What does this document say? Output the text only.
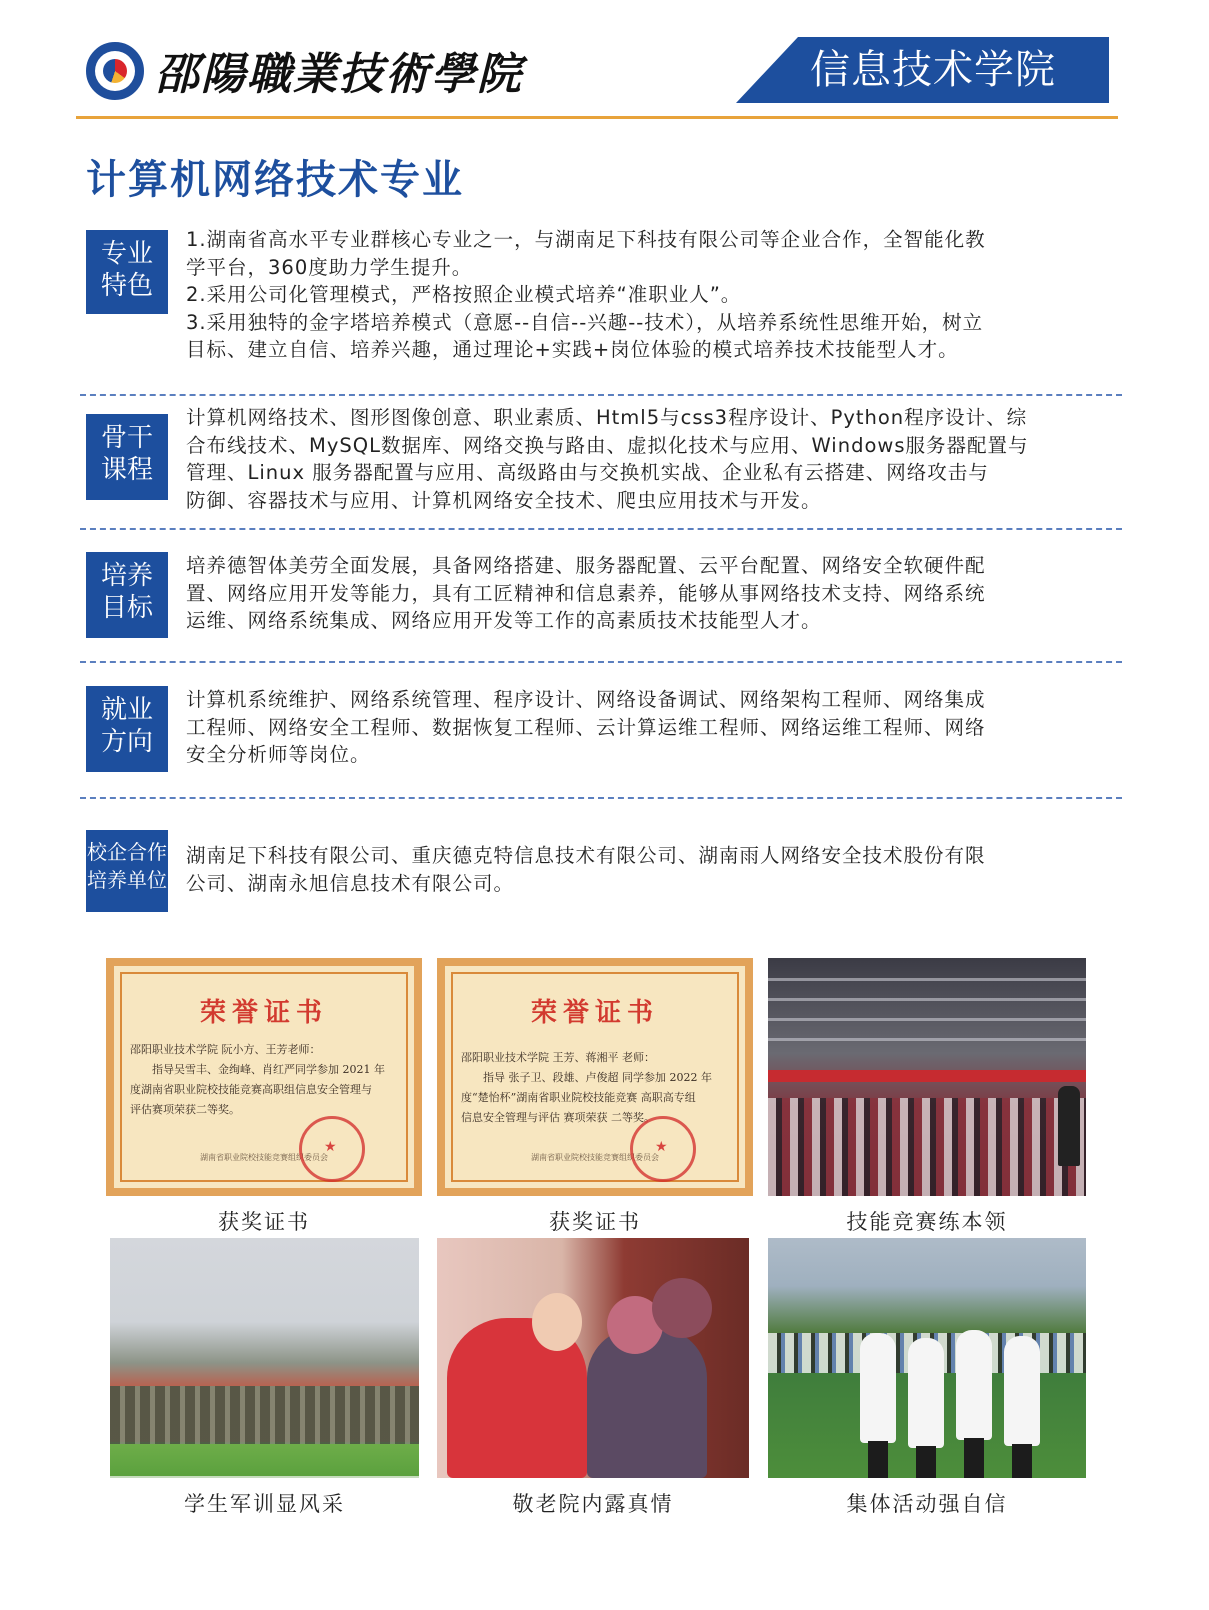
邵陽職業技術學院	信息技术学院
计算机网络技术专业
专业
特色

1.湖南省高水平专业群核心专业之一，与湖南足下科技有限公司等企业合作，全智能化教

学平台，360度助力学生提升。

2.采用公司化管理模式，严格按照企业模式培养“准职业人”。

3.采用独特的金字塔培养模式（意愿--自信--兴趣--技术），从培养系统性思维开始，树立

目标、建立自信、培养兴趣，通过理论+实践+岗位体验的模式培养技术技能型人才。

骨干
课程

计算机网络技术、图形图像创意、职业素质、Html5与css3程序设计、Python程序设计、综

合布线技术、MySQL数据库、网络交换与路由、虚拟化技术与应用、Windows服务器配置与

管理、Linux 服务器配置与应用、高级路由与交换机实战、企业私有云搭建、网络攻击与

防御、容器技术与应用、计算机网络安全技术、爬虫应用技术与开发。

培养
目标

培养德智体美劳全面发展，具备网络搭建、服务器配置、云平台配置、网络安全软硬件配

置、网络应用开发等能力，具有工匠精神和信息素养，能够从事网络技术支持、网络系统

运维、网络系统集成、网络应用开发等工作的高素质技术技能型人才。

就业
方向

计算机系统维护、网络系统管理、程序设计、网络设备调试、网络架构工程师、网络集成

工程师、网络安全工程师、数据恢复工程师、云计算运维工程师、网络运维工程师、网络

安全分析师等岗位。

校企合作
培养单位

湖南足下科技有限公司、重庆德克特信息技术有限公司、湖南雨人网络安全技术股份有限

公司、湖南永旭信息技术有限公司。

荣誉证书
邵阳职业技术学院 阮小方、王芳老师：
指导吴雪丰、金绚峰、肖红严同学参加 2021 年
度湖南省职业院校技能竞赛高职组信息安全管理与
评估赛项荣获二等奖。
湖南省职业院校技能竞赛组织委员会
★
获奖证书
荣誉证书
邵阳职业技术学院 王芳、蒋湘平 老师：
指导 张子卫、段雄、卢俊超 同学参加 2022 年
度“楚怡杯”湖南省职业院校技能竞赛 高职高专组
信息安全管理与评估 赛项荣获 二等奖。
湖南省职业院校技能竞赛组织委员会
★
获奖证书	技能竞赛练本领
学生军训显风采	敬老院内露真情	集体活动强自信
